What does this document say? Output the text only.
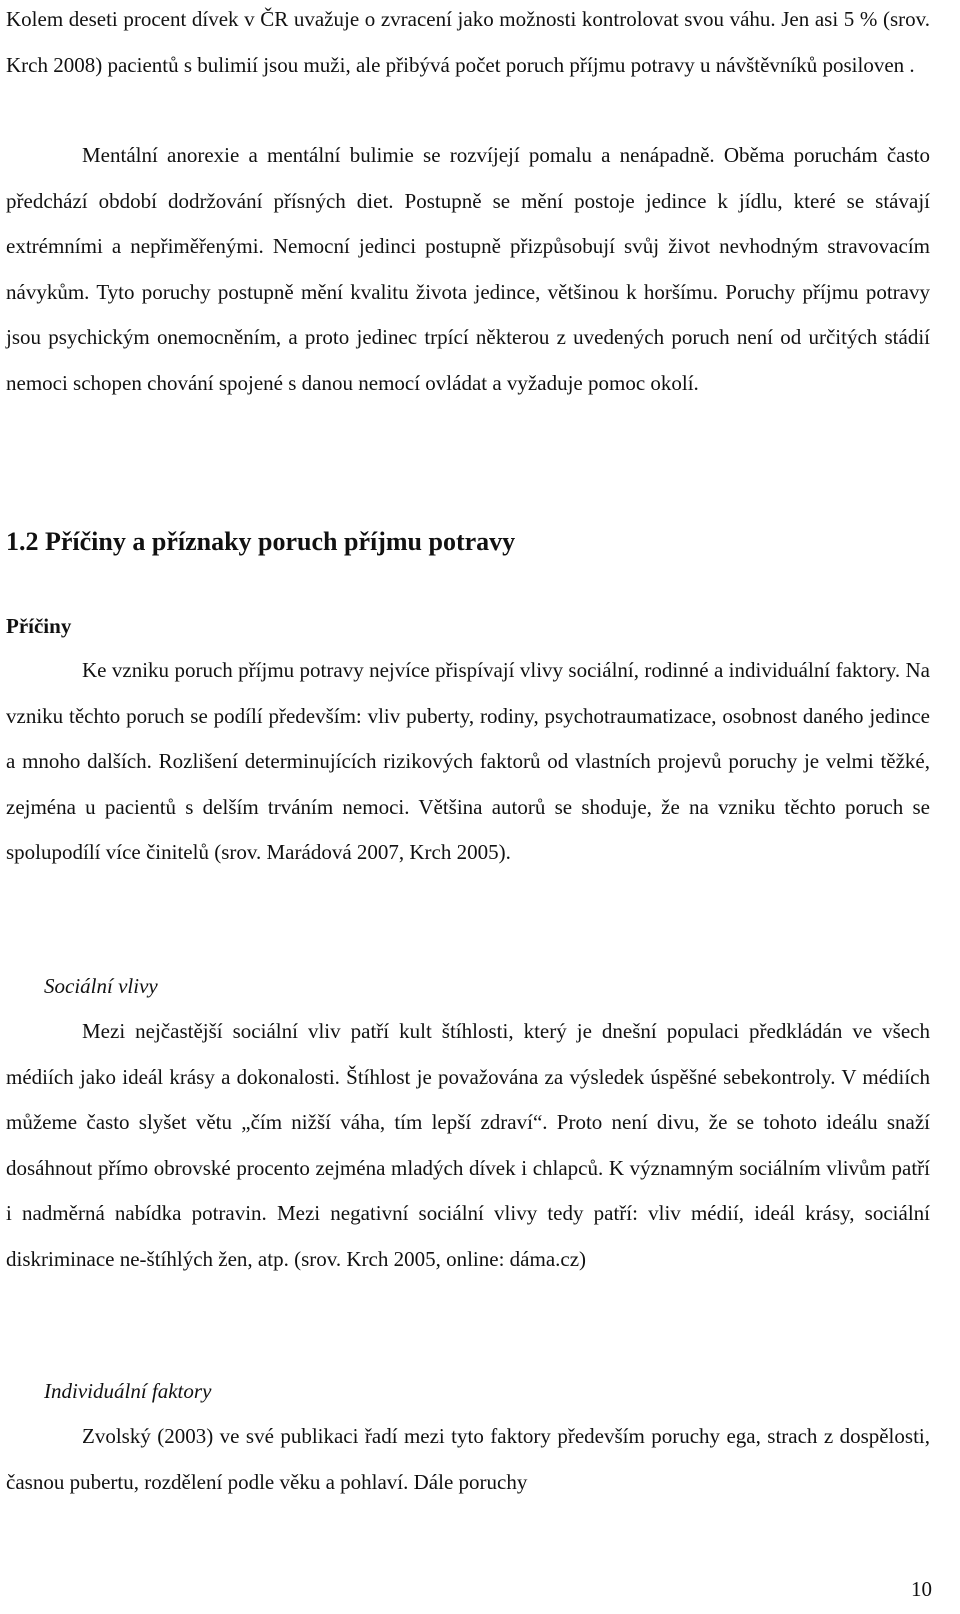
Kolem deseti procent dívek v ČR uvažuje o zvracení jako možnosti kontrolovat svou váhu. Jen asi 5 % (srov. Krch 2008) pacientů s bulimií jsou muži, ale přibývá počet poruch příjmu potravy u návštěvníků posiloven .

Mentální anorexie a mentální bulimie se rozvíjejí pomalu a nenápadně. Oběma poruchám často předchází období dodržování přísných diet. Postupně se mění postoje jedince k jídlu, které se stávají extrémními a nepřiměřenými. Nemocní jedinci postupně přizpůsobují svůj život nevhodným stravovacím návykům. Tyto poruchy postupně mění kvalitu života jedince, většinou k horšímu. Poruchy příjmu potravy jsou psychickým onemocněním, a proto jedinec trpící některou z uvedených poruch není od určitých stádií nemoci schopen chování spojené s danou nemocí ovládat a vyžaduje pomoc okolí.

1.2 Příčiny a příznaky poruch příjmu potravy
Příčiny

Ke vzniku poruch příjmu potravy nejvíce přispívají vlivy sociální, rodinné a individuální faktory. Na vzniku těchto poruch se podílí především: vliv puberty, rodiny, psychotraumatizace, osobnost daného jedince a mnoho dalších. Rozlišení determinujících rizikových faktorů od vlastních projevů poruchy je velmi těžké, zejména u pacientů s delším trváním nemoci. Většina autorů se shoduje, že na vzniku těchto poruch se spolupodílí více činitelů (srov. Marádová 2007, Krch 2005).

Sociální vlivy

Mezi nejčastější sociální vliv patří kult štíhlosti, který je dnešní populaci předkládán ve všech médiích jako ideál krásy a dokonalosti. Štíhlost je považována za výsledek úspěšné sebekontroly. V médiích můžeme často slyšet větu „čím nižší váha, tím lepší zdraví“. Proto není divu, že se tohoto ideálu snaží dosáhnout přímo obrovské procento zejména mladých dívek i chlapců. K významným sociálním vlivům patří i nadměrná nabídka potravin. Mezi negativní sociální vlivy tedy patří: vliv médií, ideál krásy, sociální diskriminace ne-štíhlých žen, atp. (srov. Krch 2005, online: dáma.cz)

Individuální faktory

Zvolský (2003) ve své publikaci řadí mezi tyto faktory především poruchy ega, strach z dospělosti, časnou pubertu, rozdělení podle věku a pohlaví. Dále poruchy

10
